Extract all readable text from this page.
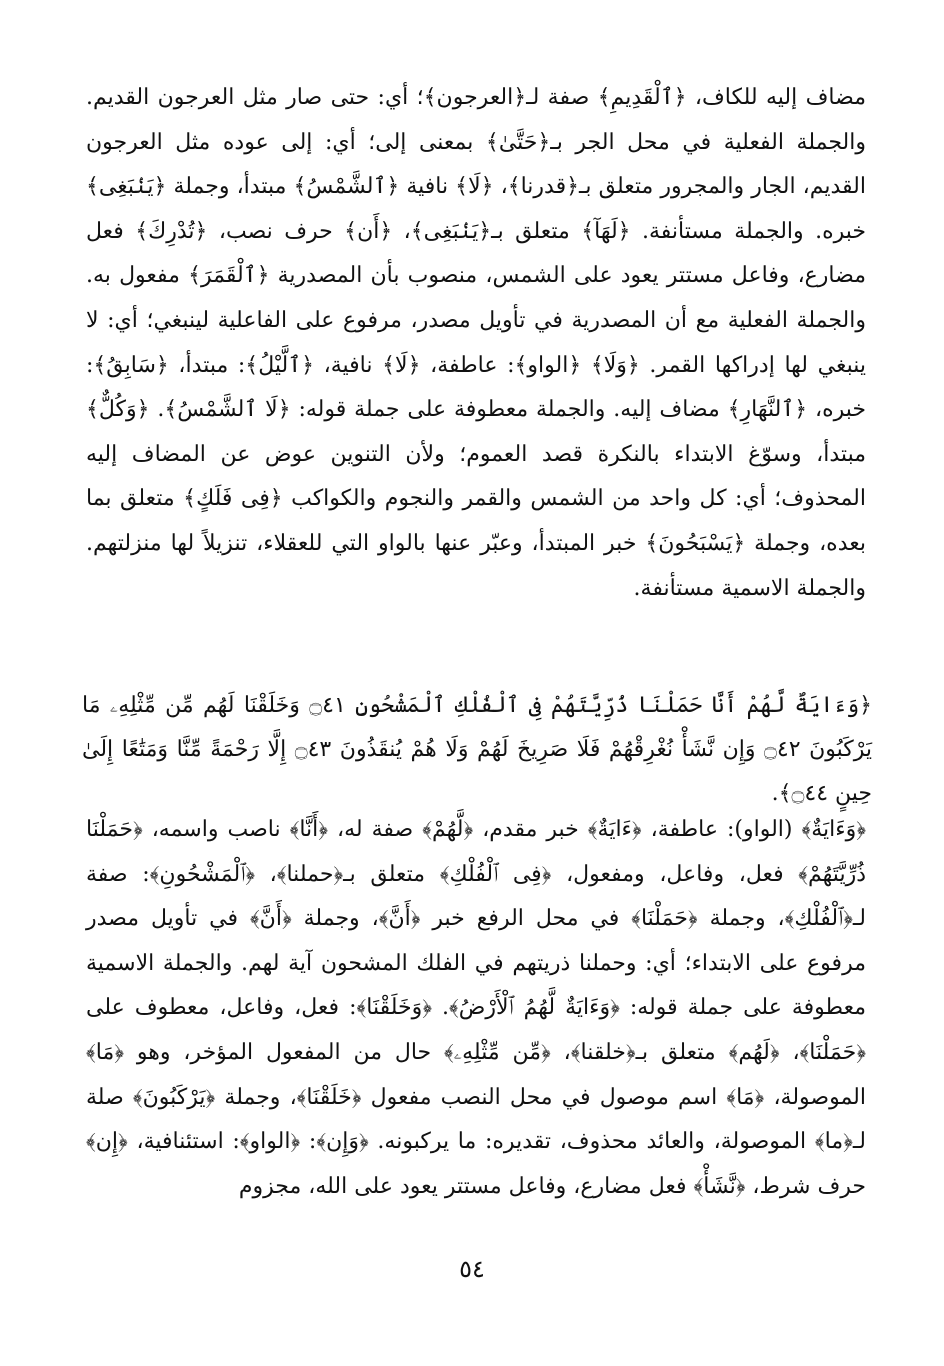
مضاف إليه للكاف، ﴿ٱلْقَدِيمِ﴾ صفة لـ﴿العرجون﴾؛ أي: حتى صار مثل العرجون القديم. والجملة الفعلية في محل الجر بـ﴿حَتَّىٰ﴾ بمعنى إلى؛ أي: إلى عوده مثل العرجون القديم، الجار والمجرور متعلق بـ﴿قدرنا﴾، ﴿لَا﴾ نافية ﴿ٱلشَّمْسُ﴾ مبتدأ، وجملة ﴿يَنۢبَغِى﴾ خبره. والجملة مستأنفة. ﴿لَهَآ﴾ متعلق بـ﴿يَنۢبَغِى﴾، ﴿أَن﴾ حرف نصب، ﴿تُدْرِكَ﴾ فعل مضارع، وفاعل مستتر يعود على الشمس، منصوب بأن المصدرية ﴿ٱلْقَمَرَ﴾ مفعول به. والجملة الفعلية مع أن المصدرية في تأويل مصدر، مرفوع على الفاعلية لينبغي؛ أي: لا ينبغي لها إدراكها القمر. ﴿وَلَا﴾ ﴿الواو﴾: عاطفة، ﴿لَا﴾ نافية، ﴿ٱلَّيْلُ﴾: مبتدأ، ﴿سَابِقُ﴾: خبره، ﴿ٱلنَّهَارِ﴾ مضاف إليه. والجملة معطوفة على جملة قوله: ﴿لَا ٱلشَّمْسُ﴾. ﴿وَكُلٌّ﴾ مبتدأ، وسوّغ الابتداء بالنكرة قصد العموم؛ ولأن التنوين عوض عن المضاف إليه المحذوف؛ أي: كل واحد من الشمس والقمر والنجوم والكواكب ﴿فِى فَلَكٍ﴾ متعلق بما بعده، وجملة ﴿يَسْبَحُونَ﴾ خبر المبتدأ، وعبّر عنها بالواو التي للعقلاء، تنزيلاً لها منزلتهم. والجملة الاسمية مستأنفة.

﴿وَءَايَةٌ لَّهُمْ أَنَّا حَمَلْنَا ذُرِّيَّتَهُمْ فِى ٱلْفُلْكِ ٱلْمَشْحُونِ ۝٤١ وَخَلَقْنَا لَهُم مِّن مِّثْلِهِۦ مَا يَرْكَبُونَ ۝٤٢ وَإِن نَّشَأْ نُغْرِقْهُمْ فَلَا صَرِيخَ لَهُمْ وَلَا هُمْ يُنقَذُونَ ۝٤٣ إِلَّا رَحْمَةً مِّنَّا وَمَتَٰعًا إِلَىٰ حِينٍ ۝٤٤﴾.

﴿وَءَايَةٌ﴾ (الواو): عاطفة، ﴿ءَايَةٌ﴾ خبر مقدم، ﴿لَّهُمْ﴾ صفة له، ﴿أَنَّا﴾ ناصب واسمه، ﴿حَمَلْنَا ذُرِّيَّتَهُمْ﴾ فعل، وفاعل، ومفعول، ﴿فِى ٱلْفُلْكِ﴾ متعلق بـ﴿حملنا﴾، ﴿ٱلْمَشْحُونِ﴾: صفة لـ﴿ٱلْفُلْكِ﴾، وجملة ﴿حَمَلْنَا﴾ في محل الرفع خبر ﴿أَنَّ﴾، وجملة ﴿أَنَّ﴾ في تأويل مصدر مرفوع على الابتداء؛ أي: وحملنا ذريتهم في الفلك المشحون آية لهم. والجملة الاسمية معطوفة على جملة قوله: ﴿وَءَايَةٌ لَّهُمُ ٱلْأَرْضُ﴾. ﴿وَخَلَقْنَا﴾: فعل، وفاعل، معطوف على ﴿حَمَلْنَا﴾، ﴿لَهُم﴾ متعلق بـ﴿خلقنا﴾، ﴿مِّن مِّثْلِهِۦ﴾ حال من المفعول المؤخر، وهو ﴿مَا﴾ الموصولة، ﴿مَا﴾ اسم موصول في محل النصب مفعول ﴿خَلَقْنَا﴾، وجملة ﴿يَرْكَبُونَ﴾ صلة لـ﴿ما﴾ الموصولة، والعائد محذوف، تقديره: ما يركبونه. ﴿وَإِن﴾: ﴿الواو﴾: استئنافية، ﴿إِن﴾ حرف شرط، ﴿نَّشَأْ﴾ فعل مضارع، وفاعل مستتر يعود على الله، مجزوم

٥٤
